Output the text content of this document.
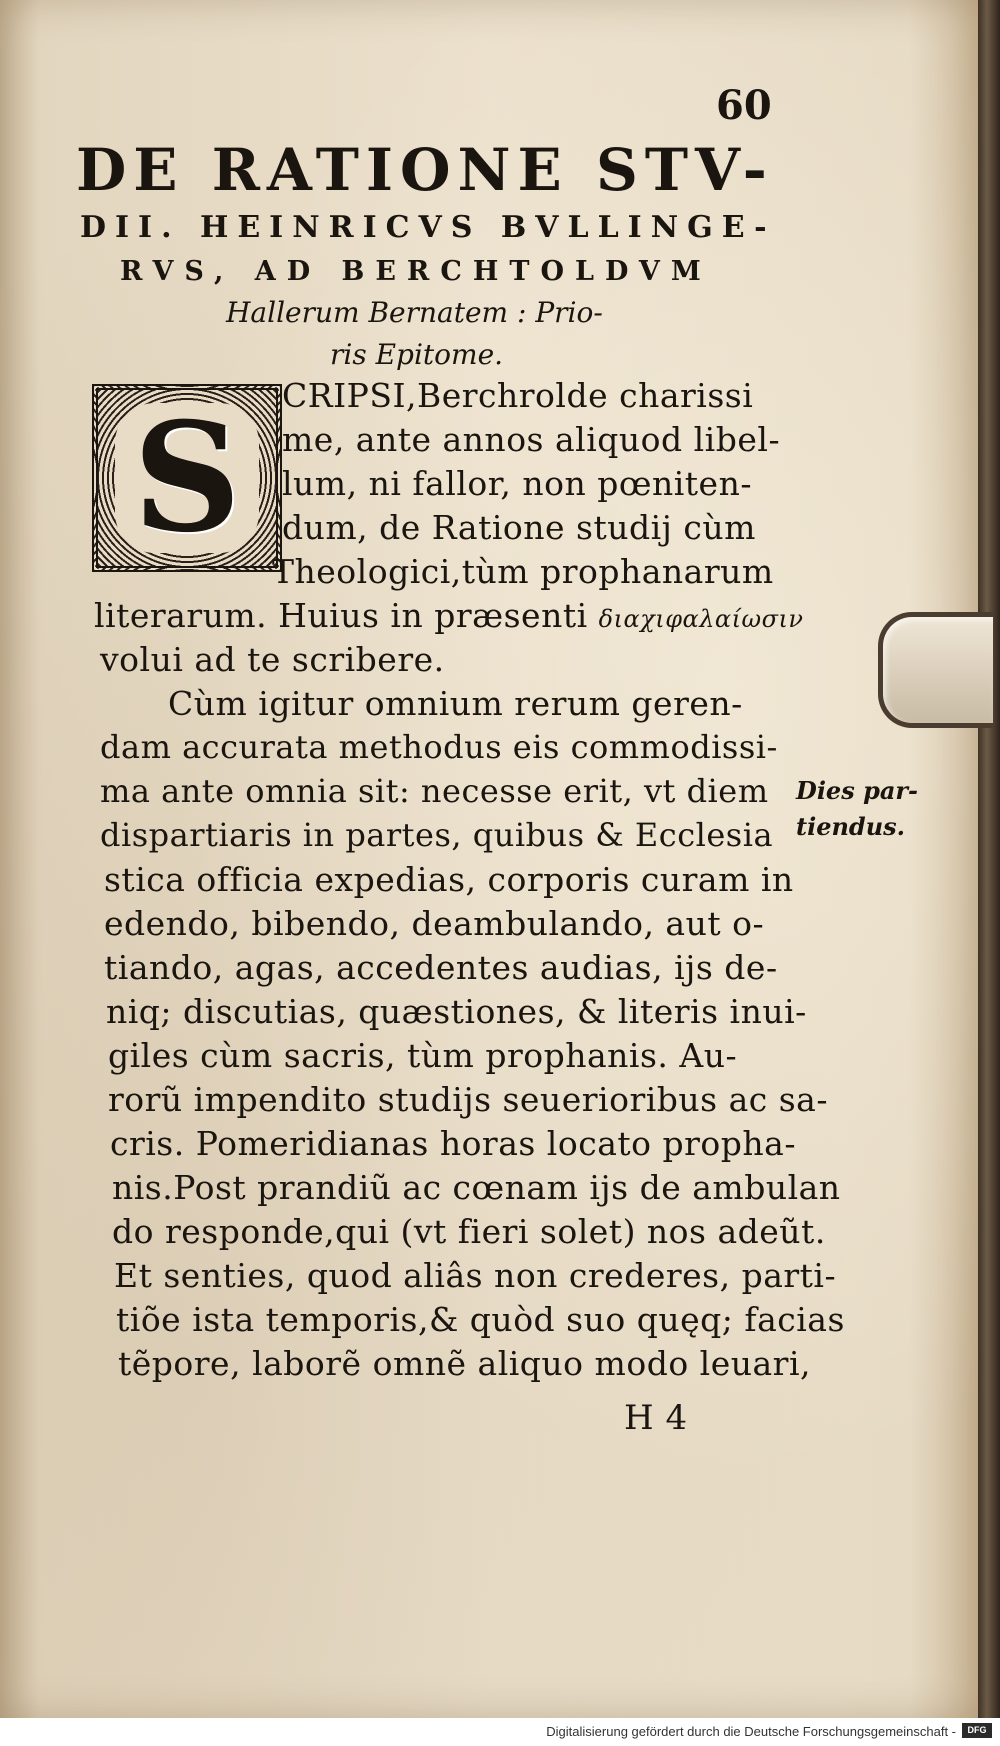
60
DE RATIONE STV-
DII. HEINRICVS BVLLINGE-
RVS, AD BERCHTOLDVM
Hallerum Bernatem : Prio-
ris Epitome.
S	CRIPSI,Berchrolde charissi
me, ante annos aliquod libel-
lum, ni fallor, non pœniten-
dum, de Ratione studij cùm
Theologici,tùm prophanarum
literarum. Huius in præsenti διαχιφαλαίωσιν
volui ad te scribere.
Cùm igitur omnium rerum geren-
dam accurata methodus eis commodissi-
ma ante omnia sit: necesse erit, vt diem
dispartiaris in partes, quibus & Ecclesia
stica officia expedias, corporis curam in
edendo, bibendo, deambulando, aut o-
tiando, agas, accedentes audias, ijs de-
niq; discutias, quæstiones, & literis inui-
giles cùm sacris, tùm prophanis. Au-
rorũ impendito studijs seuerioribus ac sa-
cris. Pomeridianas horas locato propha-
nis.Post prandiũ ac cœnam ijs de ambulan
do responde,qui (vt fieri solet) nos adeũt.
Et senties, quod aliâs non crederes, parti-
tiõe ista temporis,& quòd suo quęq; facias
tẽpore, laborẽ omnẽ aliquo modo leuari,
Dies par-
tiendus.
H 4
Digitalisierung gefördert durch die Deutsche Forschungsgemeinschaft -	DFG
